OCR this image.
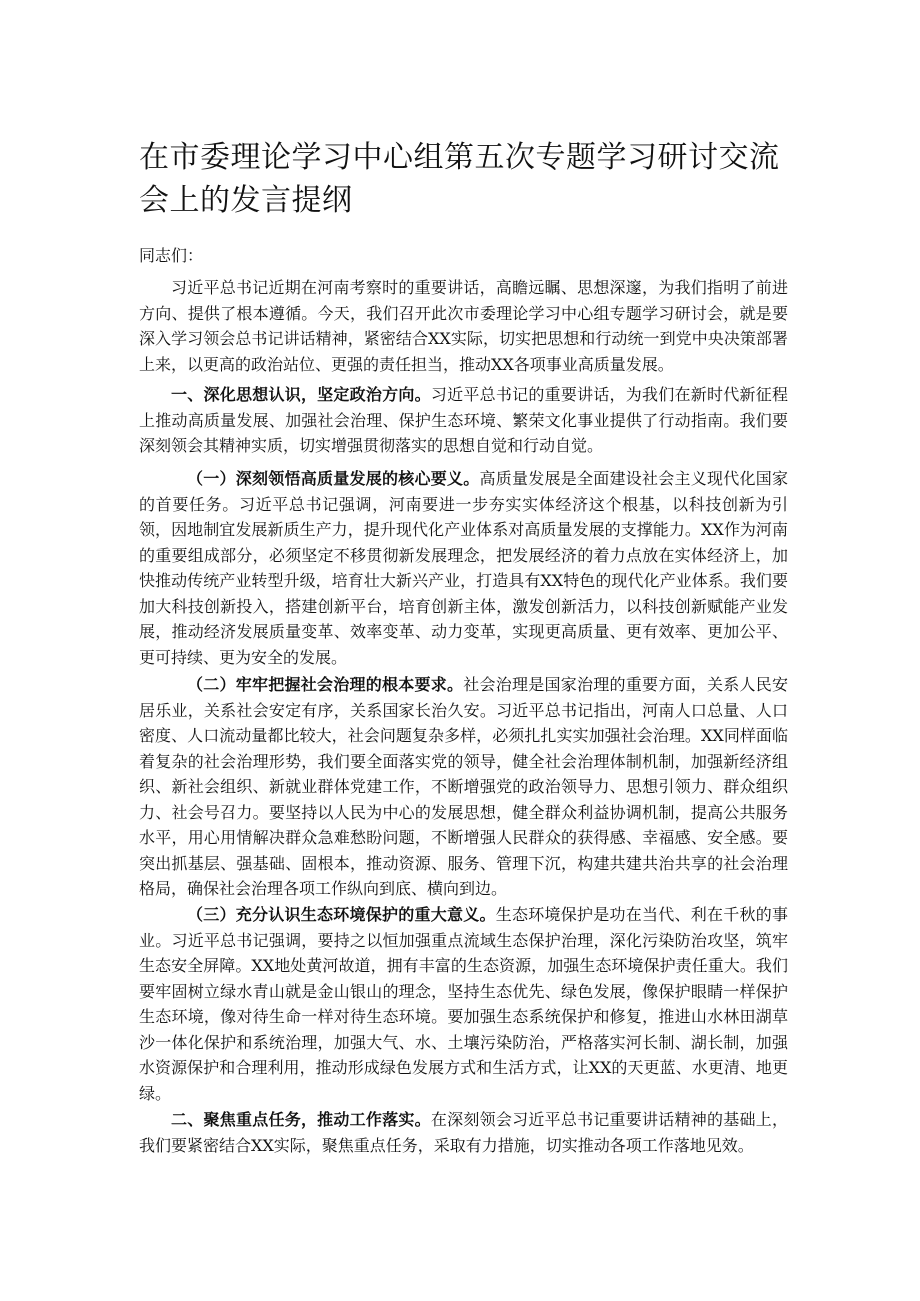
在市委理论学习中心组第五次专题学习研讨交流会上的发言提纲

同志们：

习近平总书记近期在河南考察时的重要讲话，高瞻远瞩、思想深邃，为我们指明了前进方向、提供了根本遵循。今天，我们召开此次市委理论学习中心组专题学习研讨会，就是要深入学习领会总书记讲话精神，紧密结合XX实际，切实把思想和行动统一到党中央决策部署上来，以更高的政治站位、更强的责任担当，推动XX各项事业高质量发展。

一、深化思想认识，坚定政治方向。习近平总书记的重要讲话，为我们在新时代新征程上推动高质量发展、加强社会治理、保护生态环境、繁荣文化事业提供了行动指南。我们要深刻领会其精神实质，切实增强贯彻落实的思想自觉和行动自觉。

（一）深刻领悟高质量发展的核心要义。高质量发展是全面建设社会主义现代化国家的首要任务。习近平总书记强调，河南要进一步夯实实体经济这个根基，以科技创新为引领，因地制宜发展新质生产力，提升现代化产业体系对高质量发展的支撑能力。XX作为河南的重要组成部分，必须坚定不移贯彻新发展理念，把发展经济的着力点放在实体经济上，加快推动传统产业转型升级，培育壮大新兴产业，打造具有XX特色的现代化产业体系。我们要加大科技创新投入，搭建创新平台，培育创新主体，激发创新活力，以科技创新赋能产业发展，推动经济发展质量变革、效率变革、动力变革，实现更高质量、更有效率、更加公平、更可持续、更为安全的发展。

（二）牢牢把握社会治理的根本要求。社会治理是国家治理的重要方面，关系人民安居乐业，关系社会安定有序，关系国家长治久安。习近平总书记指出，河南人口总量、人口密度、人口流动量都比较大，社会问题复杂多样，必须扎扎实实加强社会治理。XX同样面临着复杂的社会治理形势，我们要全面落实党的领导，健全社会治理体制机制，加强新经济组织、新社会组织、新就业群体党建工作，不断增强党的政治领导力、思想引领力、群众组织力、社会号召力。要坚持以人民为中心的发展思想，健全群众利益协调机制，提高公共服务水平，用心用情解决群众急难愁盼问题，不断增强人民群众的获得感、幸福感、安全感。要突出抓基层、强基础、固根本，推动资源、服务、管理下沉，构建共建共治共享的社会治理格局，确保社会治理各项工作纵向到底、横向到边。

（三）充分认识生态环境保护的重大意义。生态环境保护是功在当代、利在千秋的事业。习近平总书记强调，要持之以恒加强重点流域生态保护治理，深化污染防治攻坚，筑牢生态安全屏障。XX地处黄河故道，拥有丰富的生态资源，加强生态环境保护责任重大。我们要牢固树立绿水青山就是金山银山的理念，坚持生态优先、绿色发展，像保护眼睛一样保护生态环境，像对待生命一样对待生态环境。要加强生态系统保护和修复，推进山水林田湖草沙一体化保护和系统治理，加强大气、水、土壤污染防治，严格落实河长制、湖长制，加强水资源保护和合理利用，推动形成绿色发展方式和生活方式，让XX的天更蓝、水更清、地更绿。

二、聚焦重点任务，推动工作落实。在深刻领会习近平总书记重要讲话精神的基础上，我们要紧密结合XX实际，聚焦重点任务，采取有力措施，切实推动各项工作落地见效。
